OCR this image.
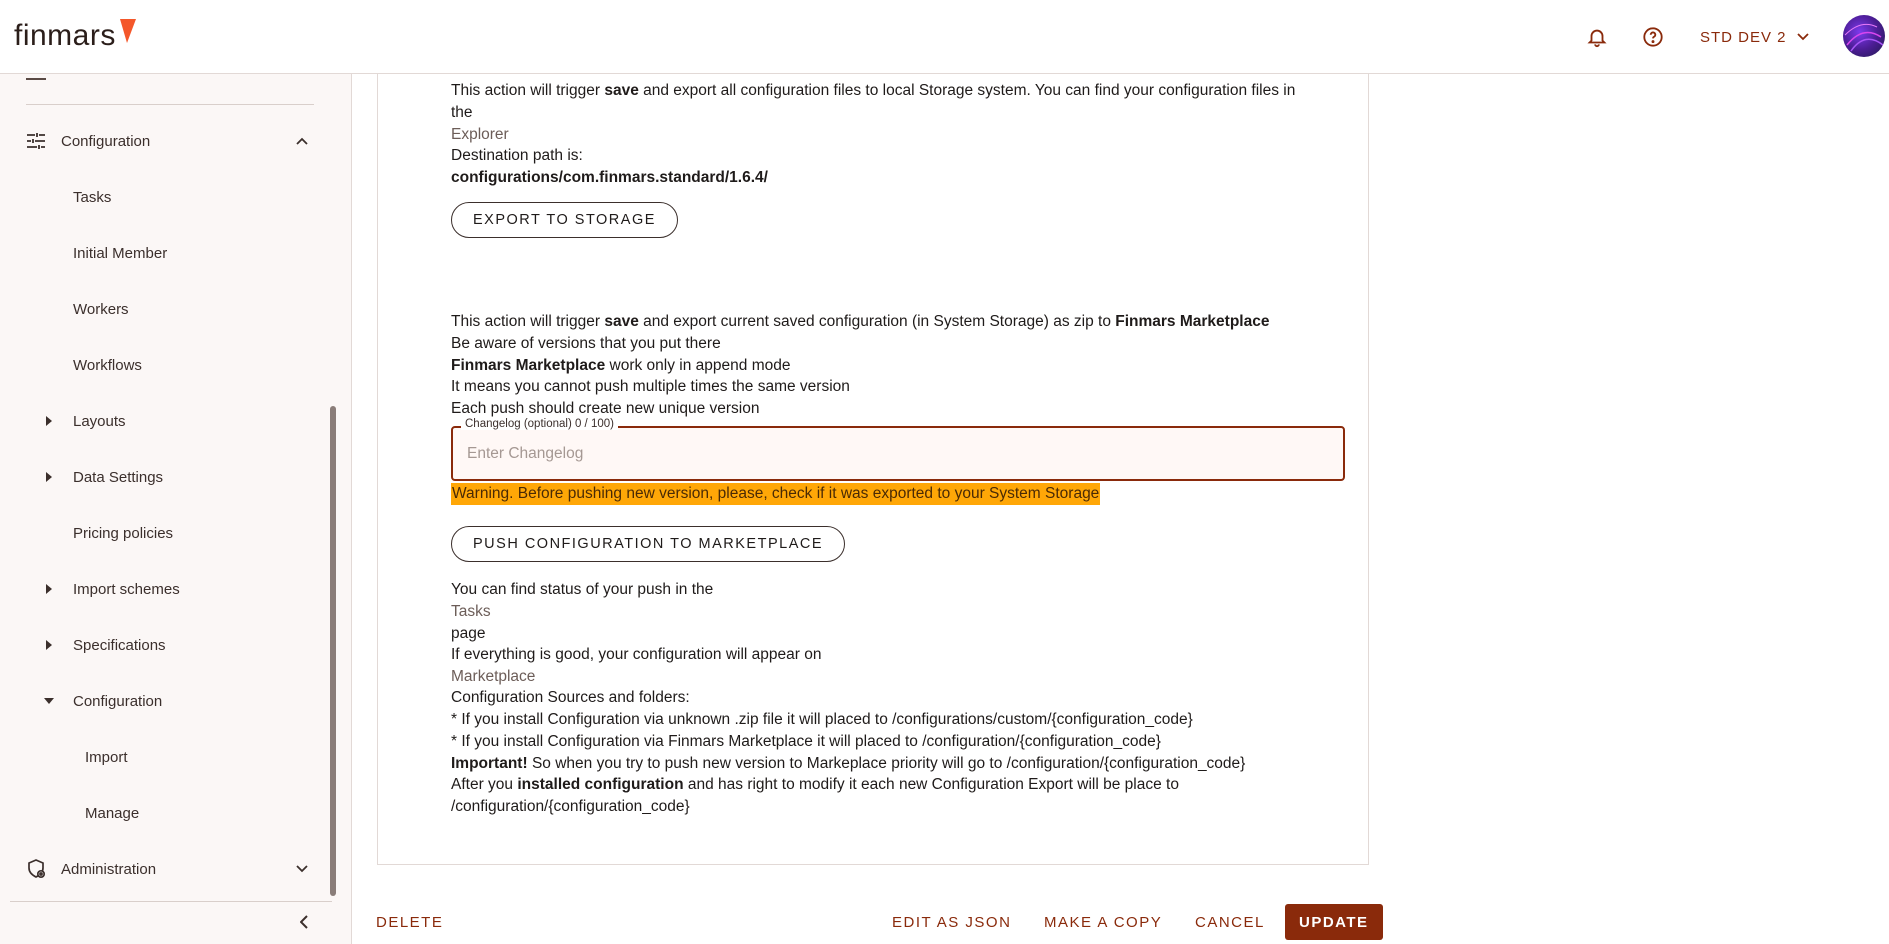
finmars	STD DEV 2
Configuration
Tasks
Initial Member
Workers
Workflows
Layouts
Data Settings
Pricing policies
Import schemes
Specifications
Configuration
Import
Manage
Administration
This action will trigger save and export all configuration files to local Storage system. You can find your configuration files in
the
Explorer
Destination path is:
configurations/com.finmars.standard/1.6.4/
EXPORT TO STORAGE
This action will trigger save and export current saved configuration (in System Storage) as zip to Finmars Marketplace
Be aware of versions that you put there
Finmars Marketplace work only in append mode
It means you cannot push multiple times the same version
Each push should create new unique version
Changelog (optional) 0 / 100)
Enter Changelog
Warning. Before pushing new version, please, check if it was exported to your System Storage
PUSH CONFIGURATION TO MARKETPLACE
You can find status of your push in the
Tasks
page
If everything is good, your configuration will appear on
Marketplace
Configuration Sources and folders:
* If you install Configuration via unknown .zip file it will placed to /configurations/custom/{configuration_code}
* If you install Configuration via Finmars Marketplace it will placed to /configuration/{configuration_code}
Important! So when you try to push new version to Markeplace priority will go to /configuration/{configuration_code}
After you installed configuration and has right to modify it each new Configuration Export will be place to
/configuration/{configuration_code}
DELETE	EDIT AS JSON	MAKE A COPY	CANCEL	UPDATE
